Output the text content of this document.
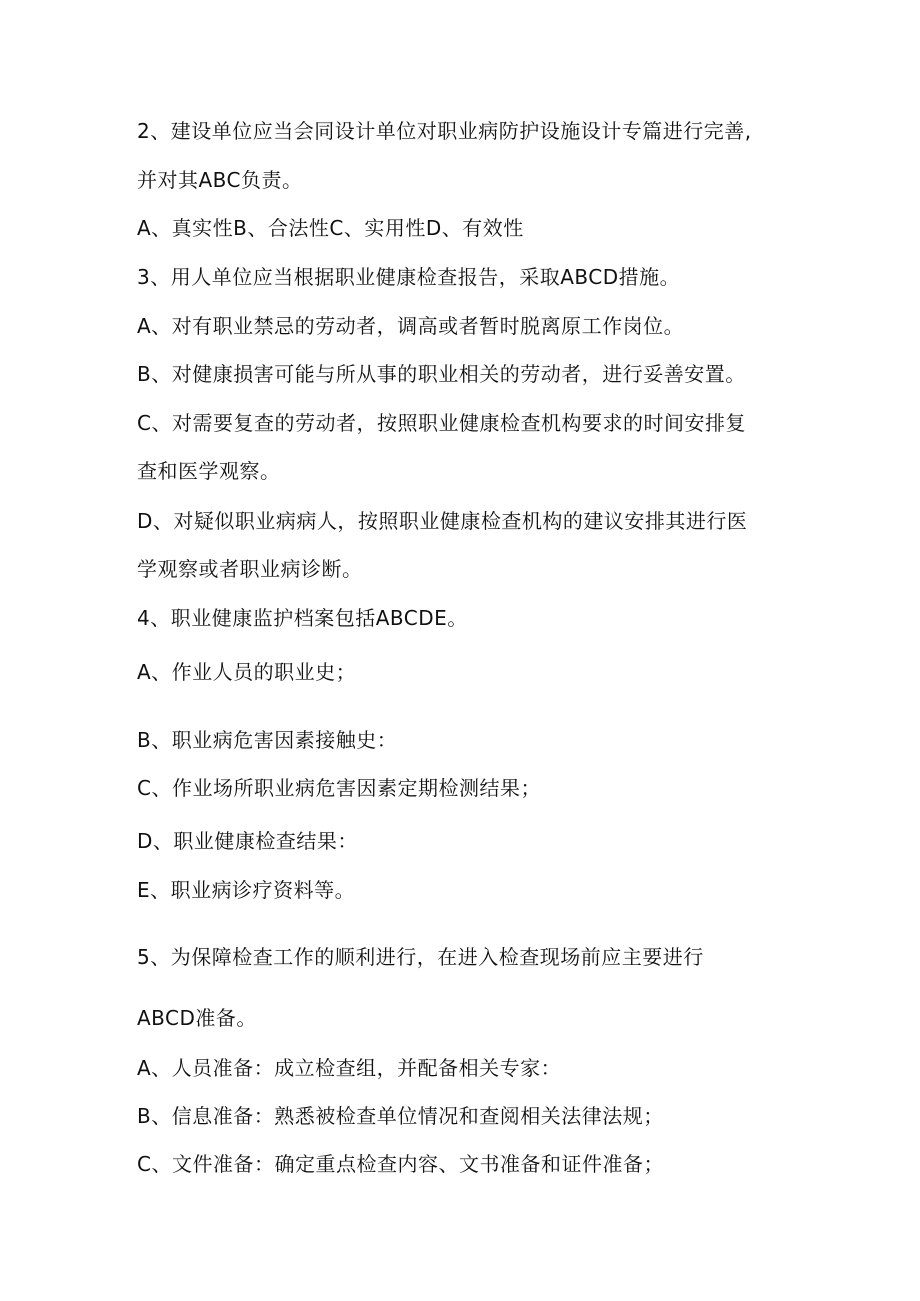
2、建设单位应当会同设计单位对职业病防护设施设计专篇进行完善,
并对其ABC负责。
A、真实性B、合法性C、实用性D、有效性
3、用人单位应当根据职业健康检查报告，采取ABCD措施。
A、对有职业禁忌的劳动者，调高或者暂时脱离原工作岗位。
B、对健康损害可能与所从事的职业相关的劳动者，进行妥善安置。
C、对需要复查的劳动者，按照职业健康检查机构要求的时间安排复
查和医学观察。
D、对疑似职业病病人，按照职业健康检查机构的建议安排其进行医
学观察或者职业病诊断。
4、职业健康监护档案包括ABCDE。
A、作业人员的职业史；
B、职业病危害因素接触史：
C、作业场所职业病危害因素定期检测结果；
D、职业健康检查结果：
E、职业病诊疗资料等。
5、为保障检查工作的顺利进行，在进入检查现场前应主要进行
ABCD准备。
A、人员准备：成立检查组，并配备相关专家：
B、信息准备：熟悉被检查单位情况和查阅相关法律法规；
C、文件准备：确定重点检查内容、文书准备和证件准备；
